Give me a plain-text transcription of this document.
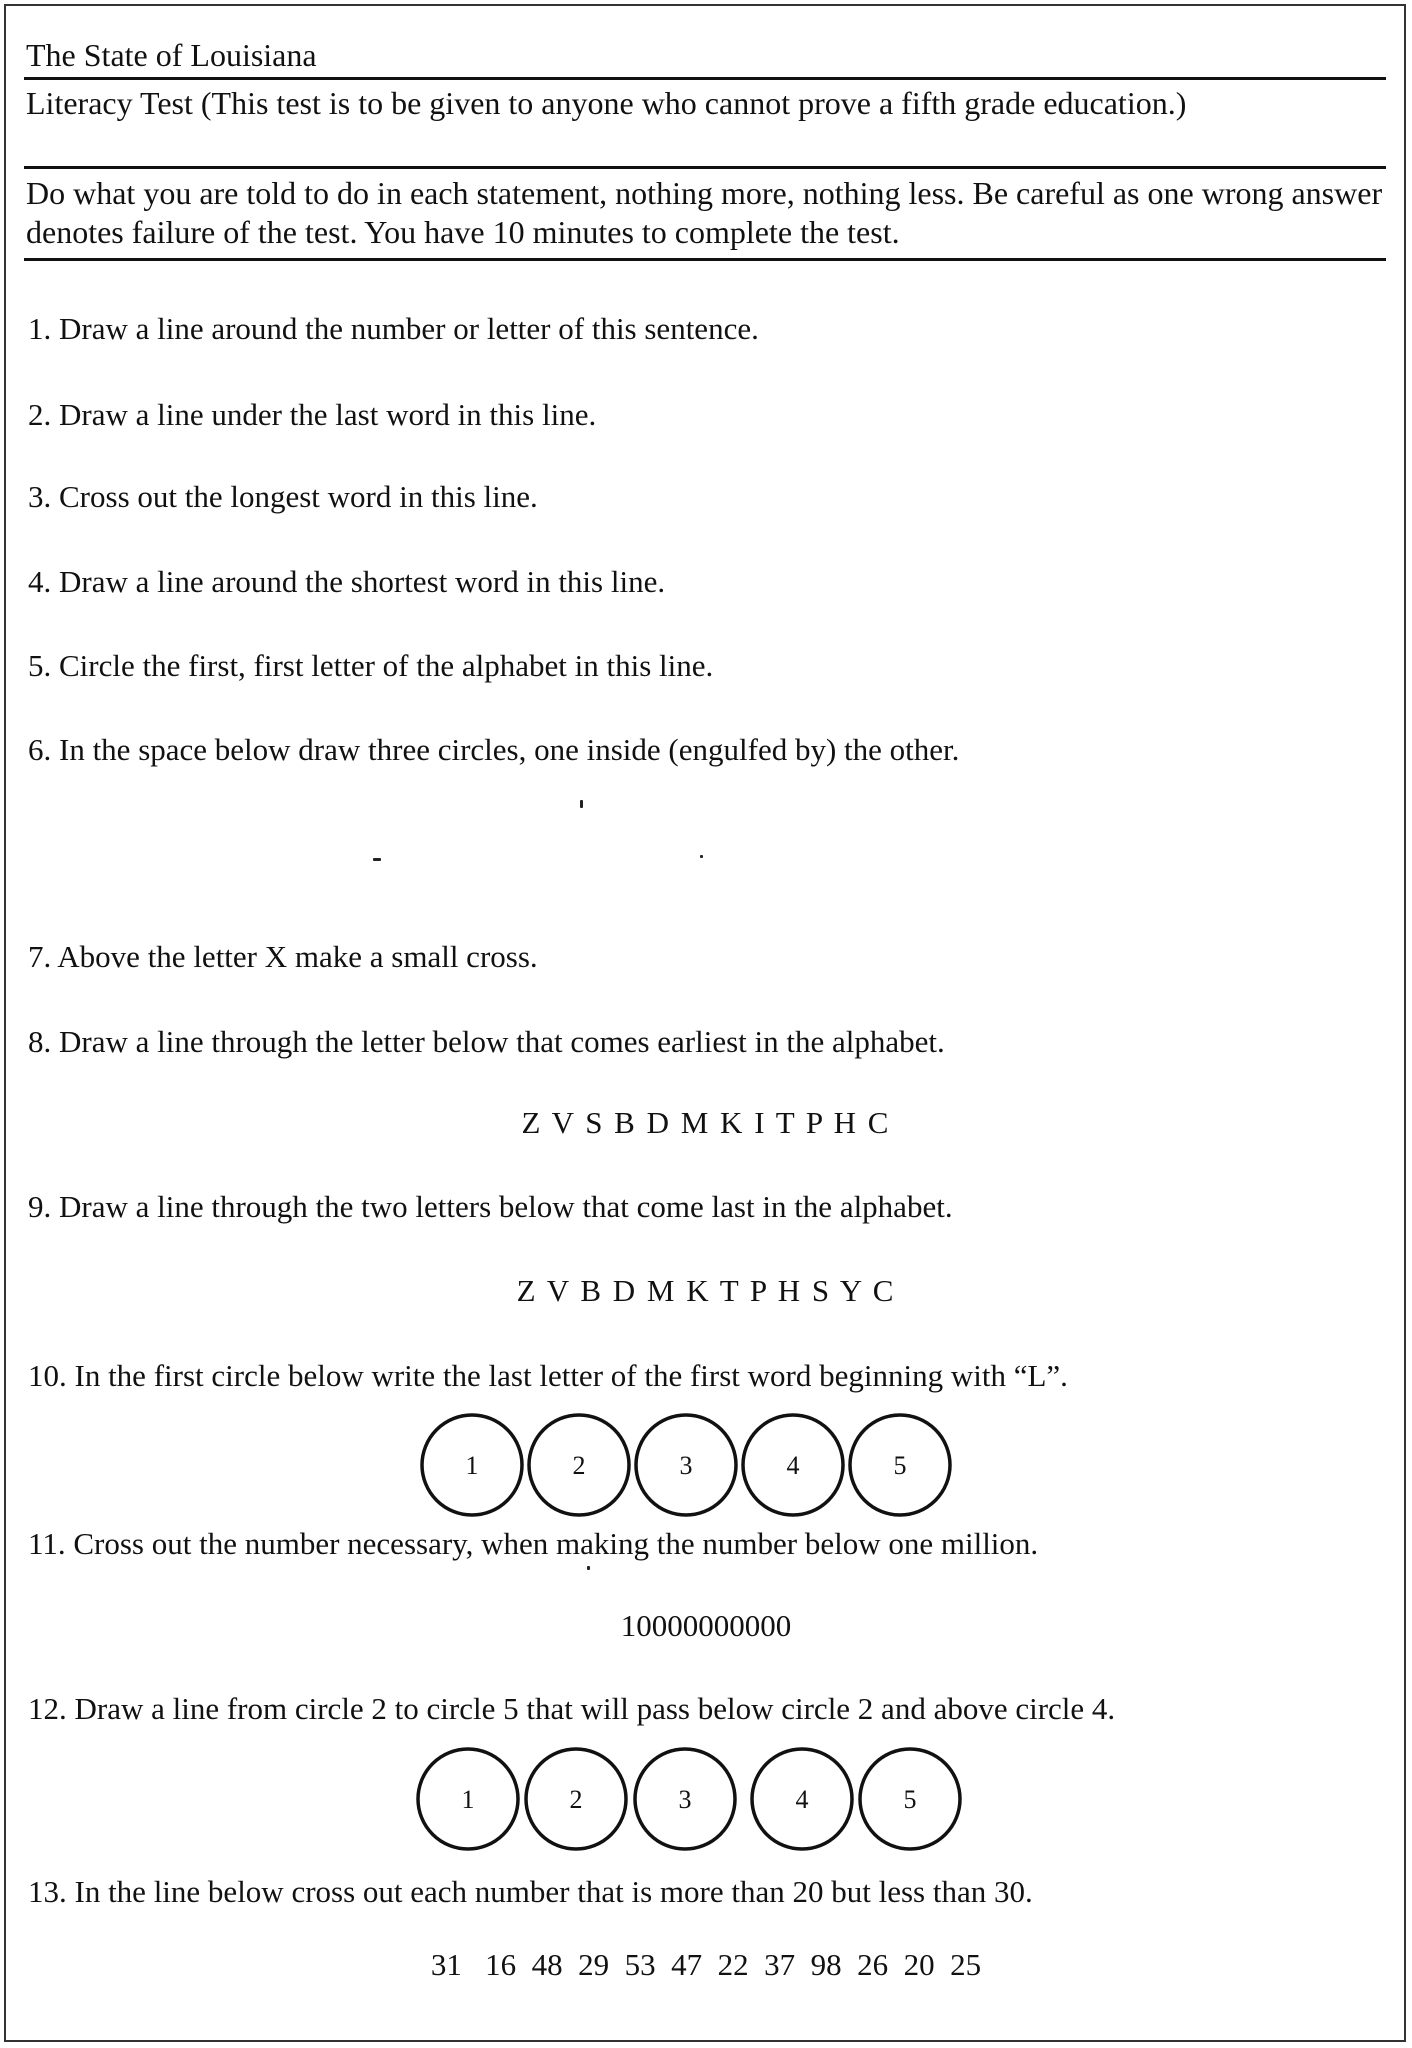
The State of Louisiana
Literacy Test (This test is to be given to anyone who cannot prove a fifth grade education.)
Do what you are told to do in each statement, nothing more, nothing less. Be careful as one wrong answer denotes failure of the test. You have 10 minutes to complete the test.
1. Draw a line around the number or letter of this sentence.
2. Draw a line under the last word in this line.
3. Cross out the longest word in this line.
4. Draw a line around the shortest word in this line.
5. Circle the first, first letter of the alphabet in this line.
6. In the space below draw three circles, one inside (engulfed by) the other.
7. Above the letter X make a small cross.
8. Draw a line through the letter below that comes earliest in the alphabet.
Z V S B D M K I T P H C
9. Draw a line through the two letters below that come last in the alphabet.
Z V B D M K T P H S Y C
10. In the first circle below write the last letter of the first word beginning with “L”.
1	2	3	4	5
11. Cross out the number necessary, when making the number below one million.
10000000000
12. Draw a line from circle 2 to circle 5 that will pass below circle 2 and above circle 4.
1	2	3	4	5
13. In the line below cross out each number that is more than 20 but less than 30.
31   16  48  29  53  47  22  37  98  26  20  25
